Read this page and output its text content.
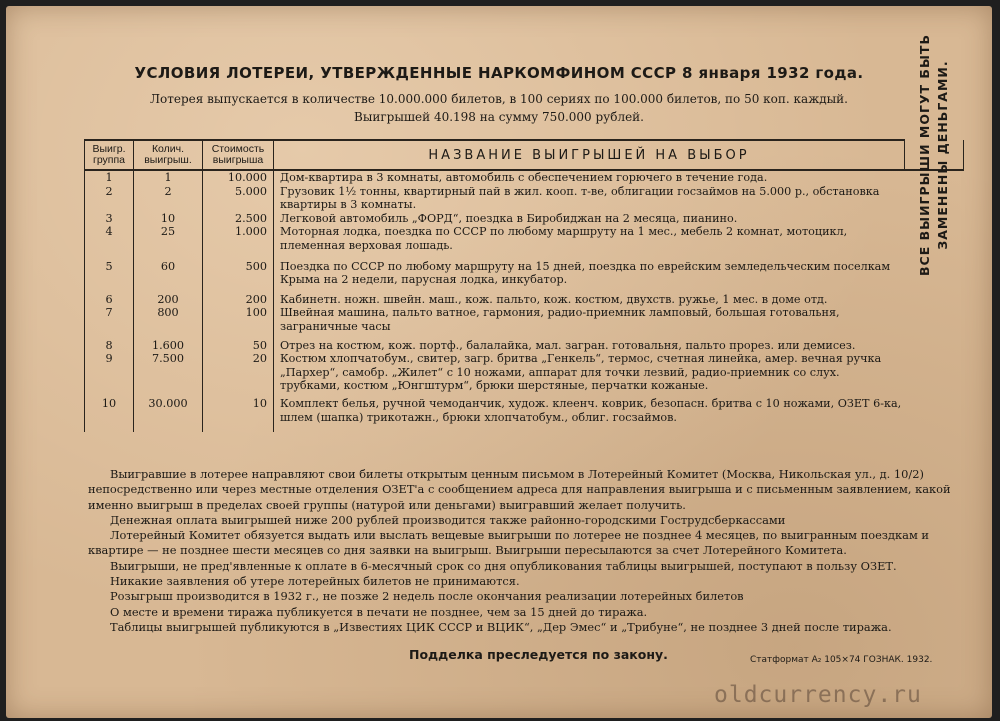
УСЛОВИЯ ЛОТЕРЕИ, УТВЕРЖДЕННЫЕ НАРКОМФИНОМ СССР 8 января 1932 года.
Лотерея выпускается в количестве 10.000.000 билетов, в 100 сериях по 100.000 билетов, по 50 коп. каждый.
Выигрышей 40.198 на сумму 750.000 рублей.
Выигр. группа	Колич. выигрыш.	Стоимость выигрыша	НАЗВАНИЕ ВЫИГРЫШЕЙ НА ВЫБОР	ВСЕ ВЫИГРЫШИ МОГУТ БЫТЬ ЗАМЕНЕНЫ ДЕНЬГАМИ.

1	1	10.000	Дом-квартира в 3 комнаты, автомобиль с обеспечением горючего в течение года.	
2	2	5.000	Грузовик 1½ тонны, квартирный пай в жил. кооп. т-ве, облигации госзаймов на 5.000 р., обстановка квартиры в 3 комнаты.	
3	10	2.500	Легковой автомобиль „ФОРД“, поездка в Биробиджан на 2 месяца, пианино.	
4	25	1.000	Моторная лодка, поездка по СССР по любому маршруту на 1 мес., мебель 2 комнат, мотоцикл, племенная верховая лошадь.	
5	60	500	Поездка по СССР по любому маршруту на 15 дней, поездка по еврейским земледельческим поселкам Крыма на 2 недели, парусная лодка, инкубатор.	
6	200	200	Кабинетн. ножн. швейн. маш., кож. пальто, кож. костюм, двухств. ружье, 1 мес. в доме отд.	
7	800	100	Швейная машина, пальто ватное, гармония, радио-приемник ламповый, большая готовальня, заграничные часы	
8	1.600	50	Отрез на костюм, кож. портф., балалайка, мал. загран. готовальня, пальто прорез. или демисез.	
9	7.500	20	Костюм хлопчатобум., свитер, загр. бритва „Генкель“, термос, счетная линейка, амер. вечная ручка „Пархер“, самобр. „Жилет“ с 10 ножами, аппарат для точки лезвий, радио-приемник со слух. трубками, костюм „Юнгштурм“, брюки шерстяные, перчатки кожаные.	
10	30.000	10	Комплект белья, ручной чемоданчик, худож. клеенч. коврик, безопасн. бритва с 10 ножами, ОЗЕТ 6-ка, шлем (шапка) трикотажн., брюки хлопчатобум., облиг. госзаймов.	

Выигравшие в лотерее направляют свои билеты открытым ценным письмом в Лотерейный Комитет (Москва, Никольская ул., д. 10/2) непосредственно или через местные отделения ОЗЕТ'а с сообщением адреса для направления выигрыша и с письменным заявлением, какой именно выигрыш в пределах своей группы (натурой или деньгами) выигравший желает получить.

Денежная оплата выигрышей ниже 200 рублей производится также районно-городскими Гострудсберкассами

Лотерейный Комитет обязуется выдать или выслать вещевые выигрыши по лотерее не позднее 4 месяцев, по выигранным поездкам и квартире — не позднее шести месяцев со дня заявки на выигрыш. Выигрыши пересылаются за счет Лотерейного Комитета.

Выигрыши, не пред'явленные к оплате в 6-месячный срок со дня опубликования таблицы выигрышей, поступают в пользу ОЗЕТ.

Никакие заявления об утере лотерейных билетов не принимаются.

Розыгрыш производится в 1932 г., не позже 2 недель после окончания реализации лотерейных билетов

О месте и времени тиража публикуется в печати не позднее, чем за 15 дней до тиража.

Таблицы выигрышей публикуются в „Известиях ЦИК СССР и ВЦИК“, „Дер Эмес“ и „Трибуне“, не позднее 3 дней после тиража.

Подделка преследуется по закону.	Статформат А₂ 105×74 ГОЗНАК. 1932.
oldcurrency.ru
